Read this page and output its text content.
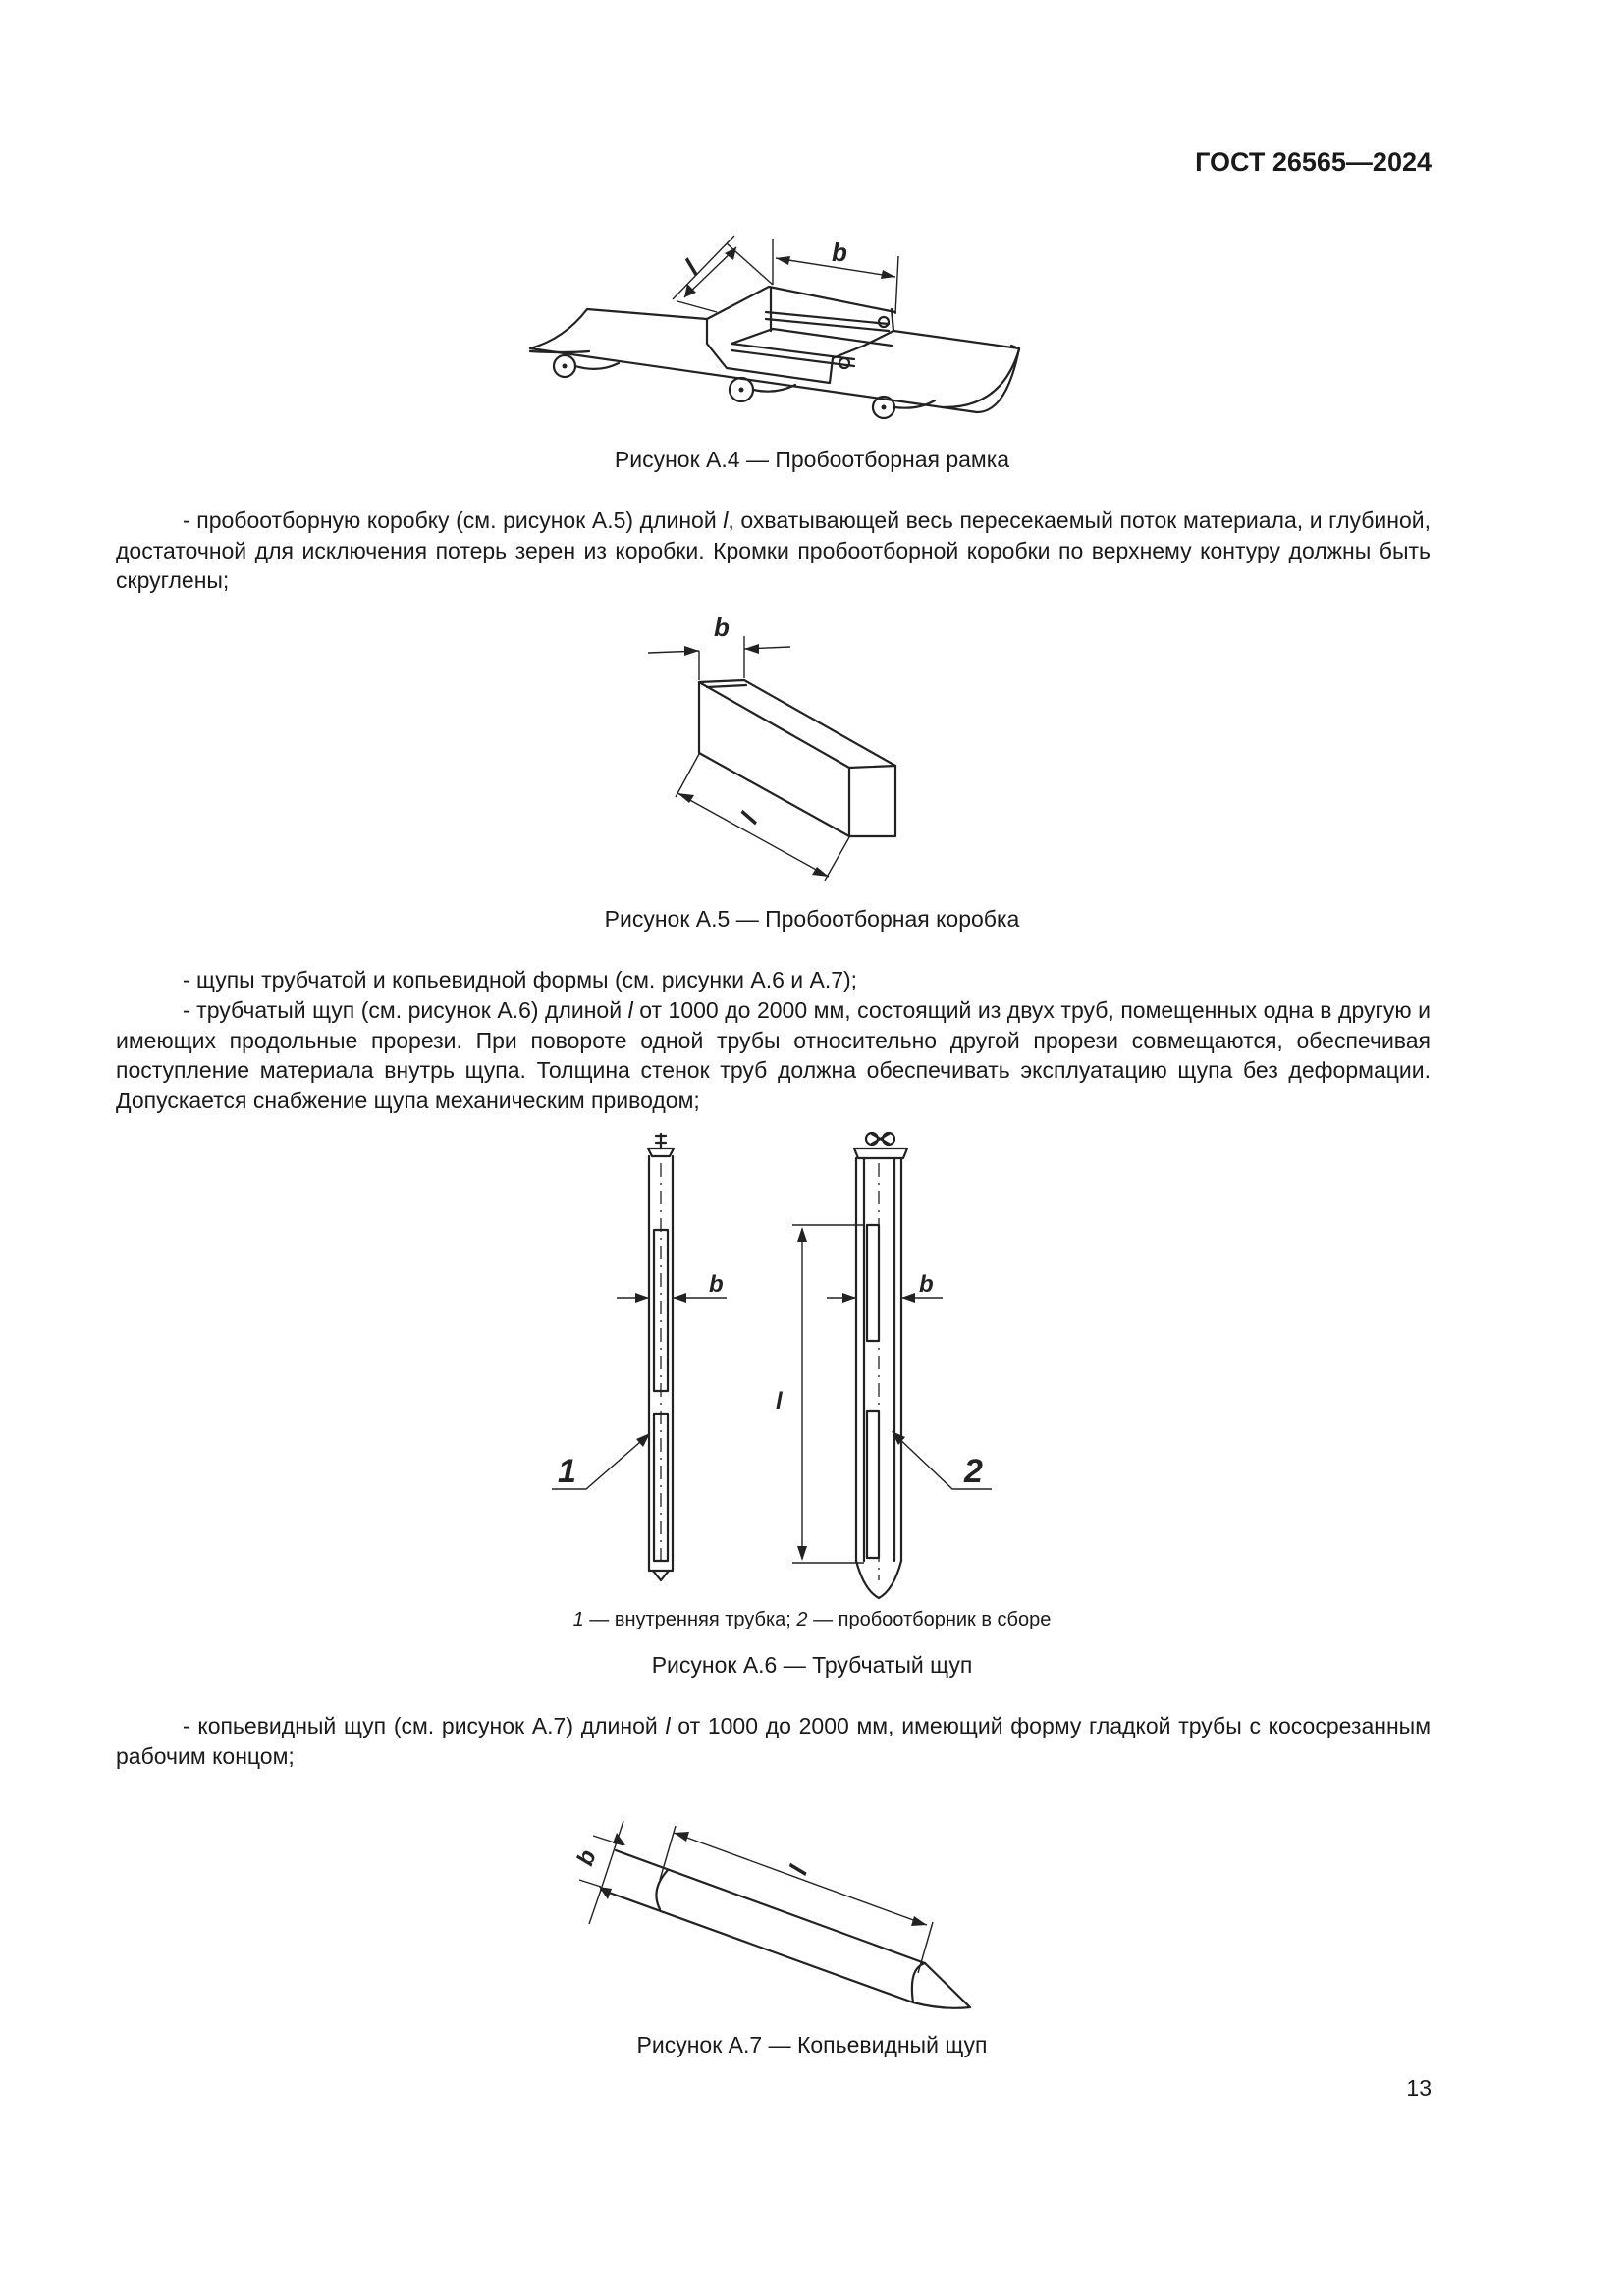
ГОСТ 26565—2024
l
b
Рисунок А.4 — Пробоотборная рамка

- пробоотборную коробку (см. рисунок А.5) длиной l, охватывающей весь пересекаемый поток материала, и глубиной, достаточной для исключения потерь зерен из коробки. Кромки пробоотборной коробки по верхнему контуру должны быть скруглены;

b
l
Рисунок А.5 — Пробоотборная коробка

- щупы трубчатой и копьевидной формы (см. рисунки А.6 и А.7);

- трубчатый щуп (см. рисунок А.6) длиной l от 1000 до 2000 мм, состоящий из двух труб, помещенных одна в другую и имеющих продольные прорези. При повороте одной трубы относительно другой прорези совмещаются, обеспечивая поступление материала внутрь щупа. Толщина стенок труб должна обеспечивать эксплуатацию щупа без деформации. Допускается снабжение щупа механическим приводом;

b
1
b
l
2
1 — внутренняя трубка; 2 — пробоотборник в сборе
Рисунок А.6 — Трубчатый щуп

- копьевидный щуп (см. рисунок А.7) длиной l от 1000 до 2000 мм, имеющий форму гладкой трубы с кососрезанным рабочим концом;

b
l
Рисунок А.7 — Копьевидный щуп
13
